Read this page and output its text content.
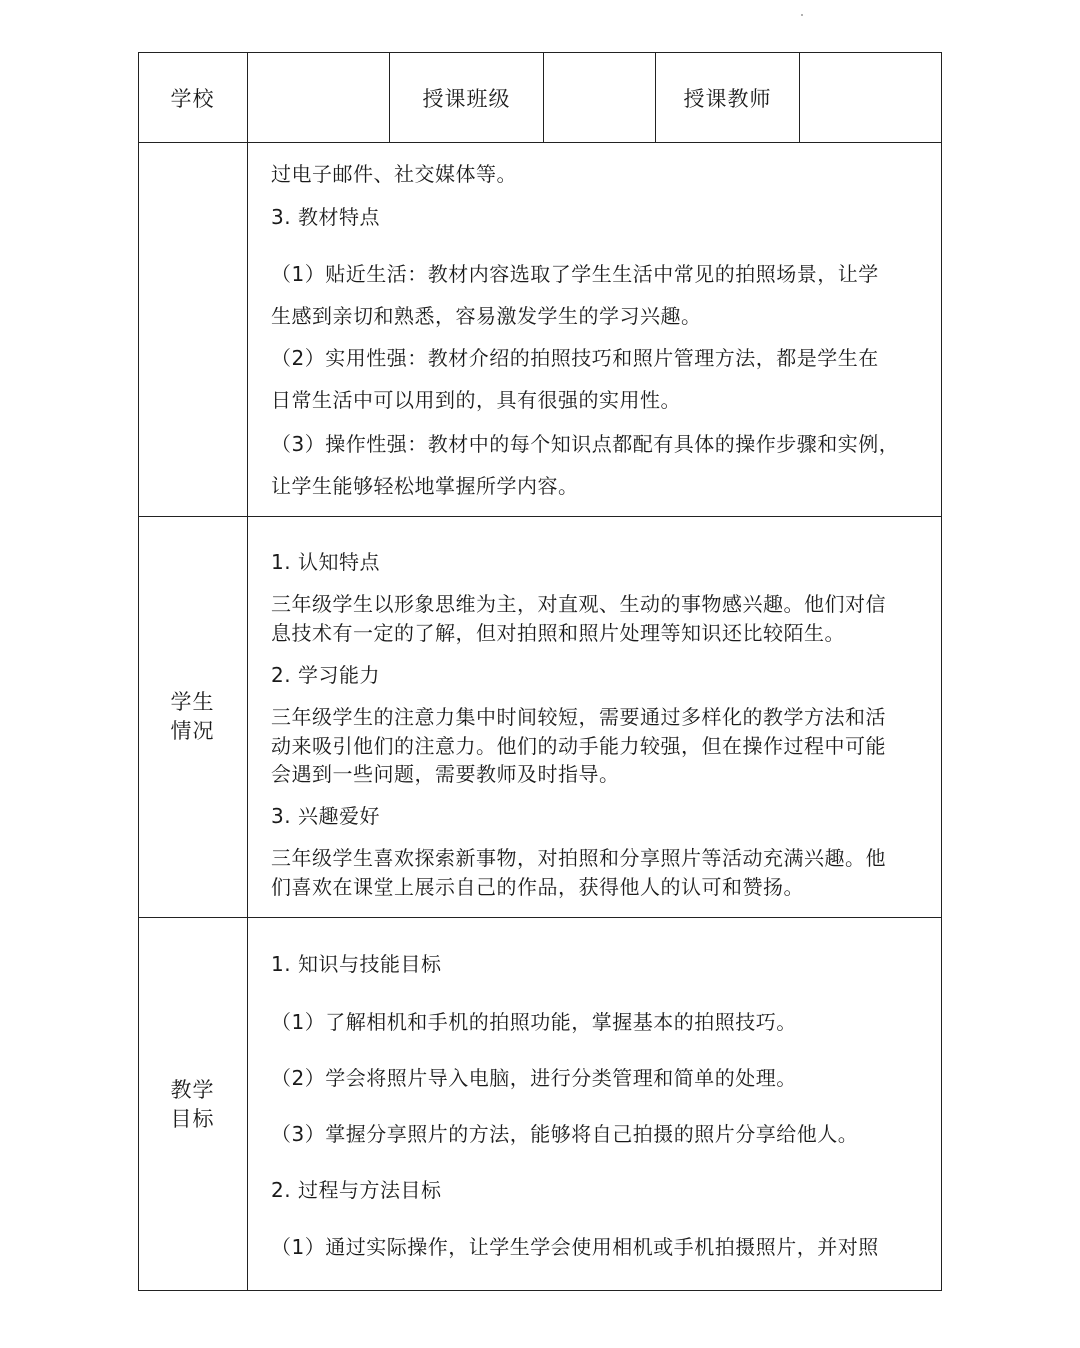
学校	授课班级	授课教师
过电子邮件、社交媒体等。
3. 教材特点
（1）贴近生活：教材内容选取了学生生活中常见的拍照场景，让学
生感到亲切和熟悉，容易激发学生的学习兴趣。
（2）实用性强：教材介绍的拍照技巧和照片管理方法，都是学生在
日常生活中可以用到的，具有很强的实用性。
（3）操作性强：教材中的每个知识点都配有具体的操作步骤和实例，
让学生能够轻松地掌握所学内容。
学生
情况
1. 认知特点
三年级学生以形象思维为主，对直观、生动的事物感兴趣。他们对信
息技术有一定的了解，但对拍照和照片处理等知识还比较陌生。
2. 学习能力
三年级学生的注意力集中时间较短，需要通过多样化的教学方法和活
动来吸引他们的注意力。他们的动手能力较强，但在操作过程中可能
会遇到一些问题，需要教师及时指导。
3. 兴趣爱好
三年级学生喜欢探索新事物，对拍照和分享照片等活动充满兴趣。他
们喜欢在课堂上展示自己的作品，获得他人的认可和赞扬。
教学
目标
1. 知识与技能目标
（1）了解相机和手机的拍照功能，掌握基本的拍照技巧。
（2）学会将照片导入电脑，进行分类管理和简单的处理。
（3）掌握分享照片的方法，能够将自己拍摄的照片分享给他人。
2. 过程与方法目标
（1）通过实际操作，让学生学会使用相机或手机拍摄照片，并对照
